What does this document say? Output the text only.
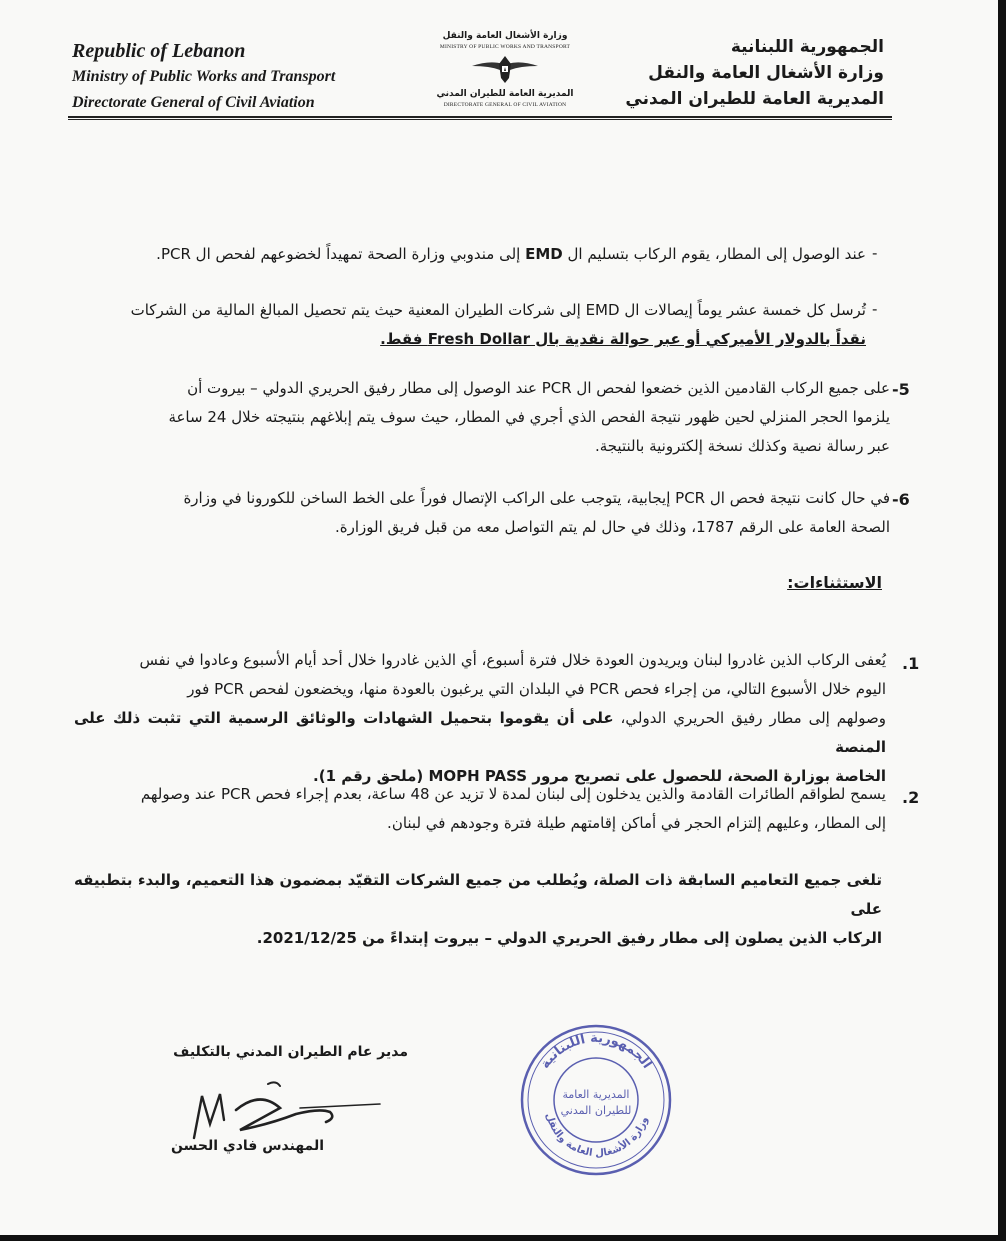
Republic of Lebanon
Ministry of Public Works and Transport
Directorate General of Civil Aviation
وزارة الأشغال العامة والنقل
MINISTRY OF PUBLIC WORKS AND TRANSPORT
المديرية العامة للطيران المدني
DIRECTORATE GENERAL OF CIVIL AVIATION
الجمهورية اللبنانية
وزارة الأشغال العامة والنقل
المديرية العامة للطيران المدني
-
عند الوصول إلى المطار، يقوم الركاب بتسليم ال EMD إلى مندوبي وزارة الصحة تمهيداً لخضوعهم لفحص ال PCR.
-
تُرسل كل خمسة عشر يوماً إيصالات ال EMD إلى شركات الطيران المعنية حيث يتم تحصيل المبالغ المالية من الشركات
نقداً بالدولار الأميركي أو عبر حوالة نقدية بال Fresh Dollar فقط.
-5
على جميع الركاب القادمين الذين خضعوا لفحص ال PCR عند الوصول إلى مطار رفيق الحريري الدولي – بيروت أن
يلزموا الحجر المنزلي لحين ظهور نتيجة الفحص الذي أجري في المطار، حيث سوف يتم إبلاغهم بنتيجته خلال 24 ساعة
عبر رسالة نصية وكذلك نسخة إلكترونية بالنتيجة.
-6
في حال كانت نتيجة فحص ال PCR إيجابية، يتوجب على الراكب الإتصال فوراً على الخط الساخن للكورونا في وزارة
الصحة العامة على الرقم 1787، وذلك في حال لم يتم التواصل معه من قبل فريق الوزارة.
الاستثناءات:
.1
يُعفى الركاب الذين غادروا لبنان ويريدون العودة خلال فترة أسبوع، أي الذين غادروا خلال أحد أيام الأسبوع وعادوا في نفس
اليوم خلال الأسبوع التالي، من إجراء فحص PCR في البلدان التي يرغبون بالعودة منها، ويخضعون لفحص PCR فور
وصولهم إلى مطار رفيق الحريري الدولي، على أن يقوموا بتحميل الشهادات والوثائق الرسمية التي تثبت ذلك على المنصة
الخاصة بوزارة الصحة، للحصول على تصريح مرور MOPH PASS (ملحق رقم 1).
.2
يسمح لطواقم الطائرات القادمة والذين يدخلون إلى لبنان لمدة لا تزيد عن 48 ساعة، بعدم إجراء فحص PCR عند وصولهم
إلى المطار، وعليهم إلتزام الحجر في أماكن إقامتهم طيلة فترة وجودهم في لبنان.
تلغى جميع التعاميم السابقة ذات الصلة، ويُطلب من جميع الشركات التقيّد بمضمون هذا التعميم، والبدء بتطبيقه على
الركاب الذين يصلون إلى مطار رفيق الحريري الدولي – بيروت إبتداءً من 2021/12/25.
الجمهورية اللبنانية
وزارة الأشغال العامة والنقل
المديرية العامة
للطيران المدني
مدير عام الطيران المدني بالتكليف
المهندس فادي الحسن
